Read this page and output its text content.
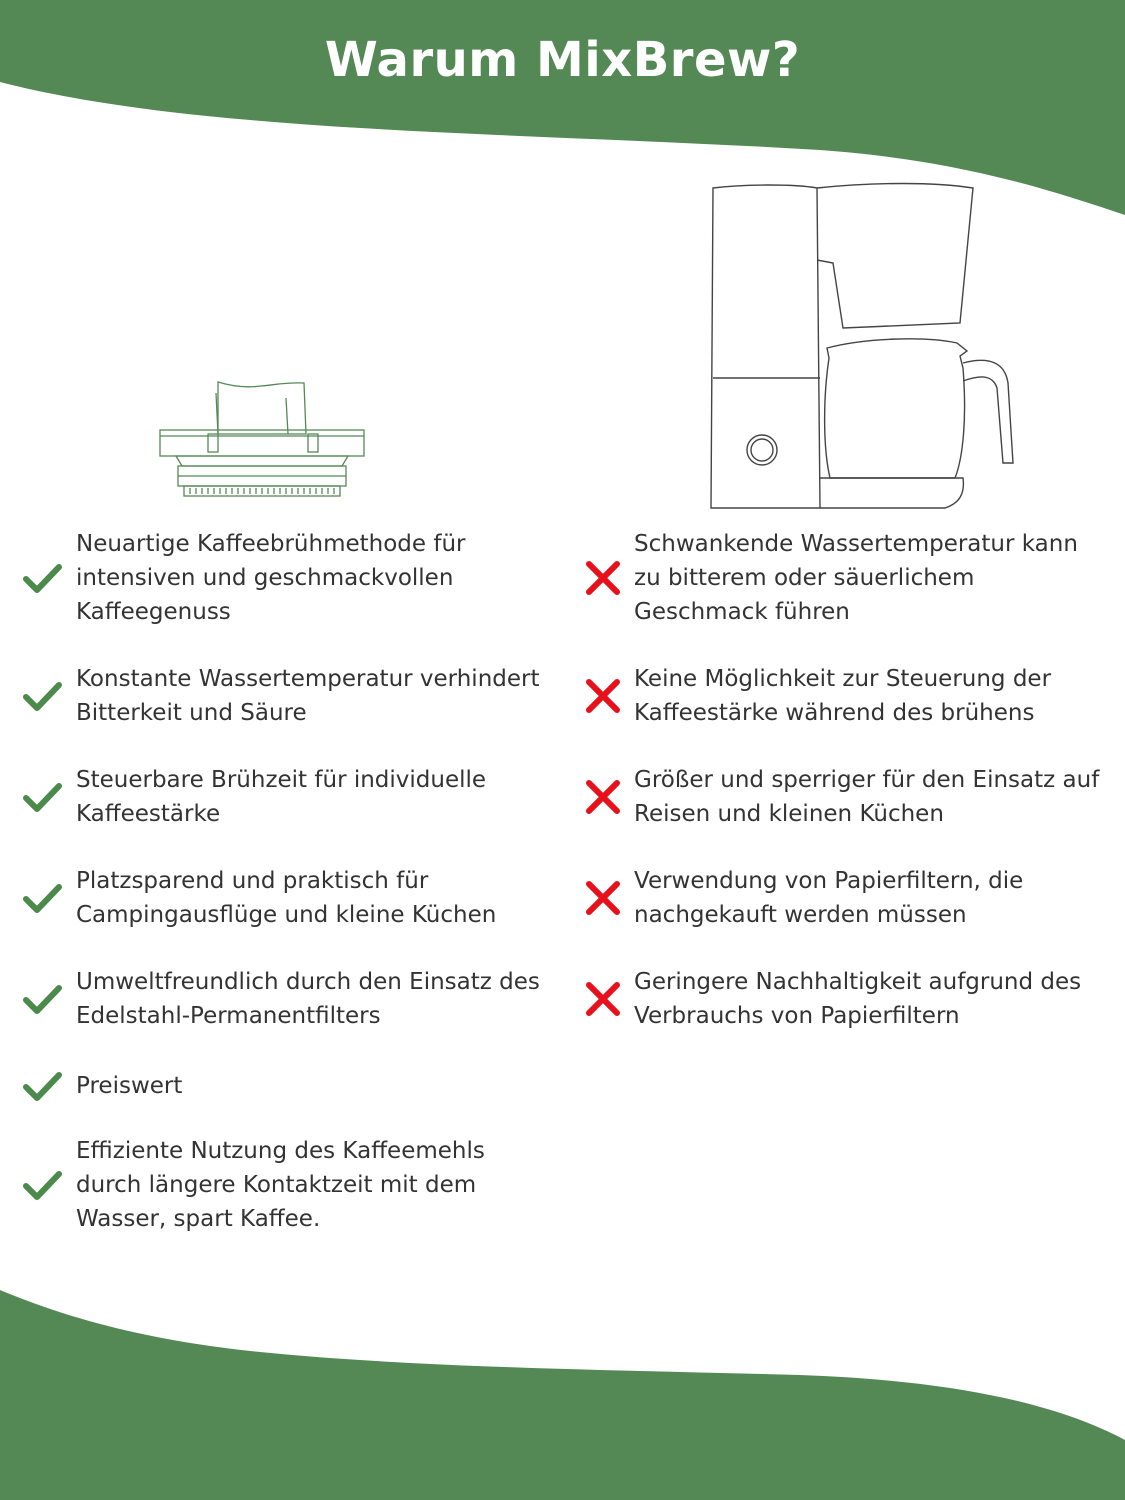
Warum MixBrew?
Neuartige Kaffeebrühmethode für
intensiven und geschmackvollen
Kaffeegenuss
Konstante Wassertemperatur verhindert
Bitterkeit und Säure
Steuerbare Brühzeit für individuelle
Kaffeestärke
Platzsparend und praktisch für
Campingausflüge und kleine Küchen
Umweltfreundlich durch den Einsatz des
Edelstahl-Permanentfilters
Preiswert
Effiziente Nutzung des Kaffeemehls
durch längere Kontaktzeit mit dem
Wasser, spart Kaffee.
Schwankende Wassertemperatur kann
zu bitterem oder säuerlichem
Geschmack führen
Keine Möglichkeit zur Steuerung der
Kaffeestärke während des brühens
Größer und sperriger für den Einsatz auf
Reisen und kleinen Küchen
Verwendung von Papierfiltern, die
nachgekauft werden müssen
Geringere Nachhaltigkeit aufgrund des
Verbrauchs von Papierfiltern
